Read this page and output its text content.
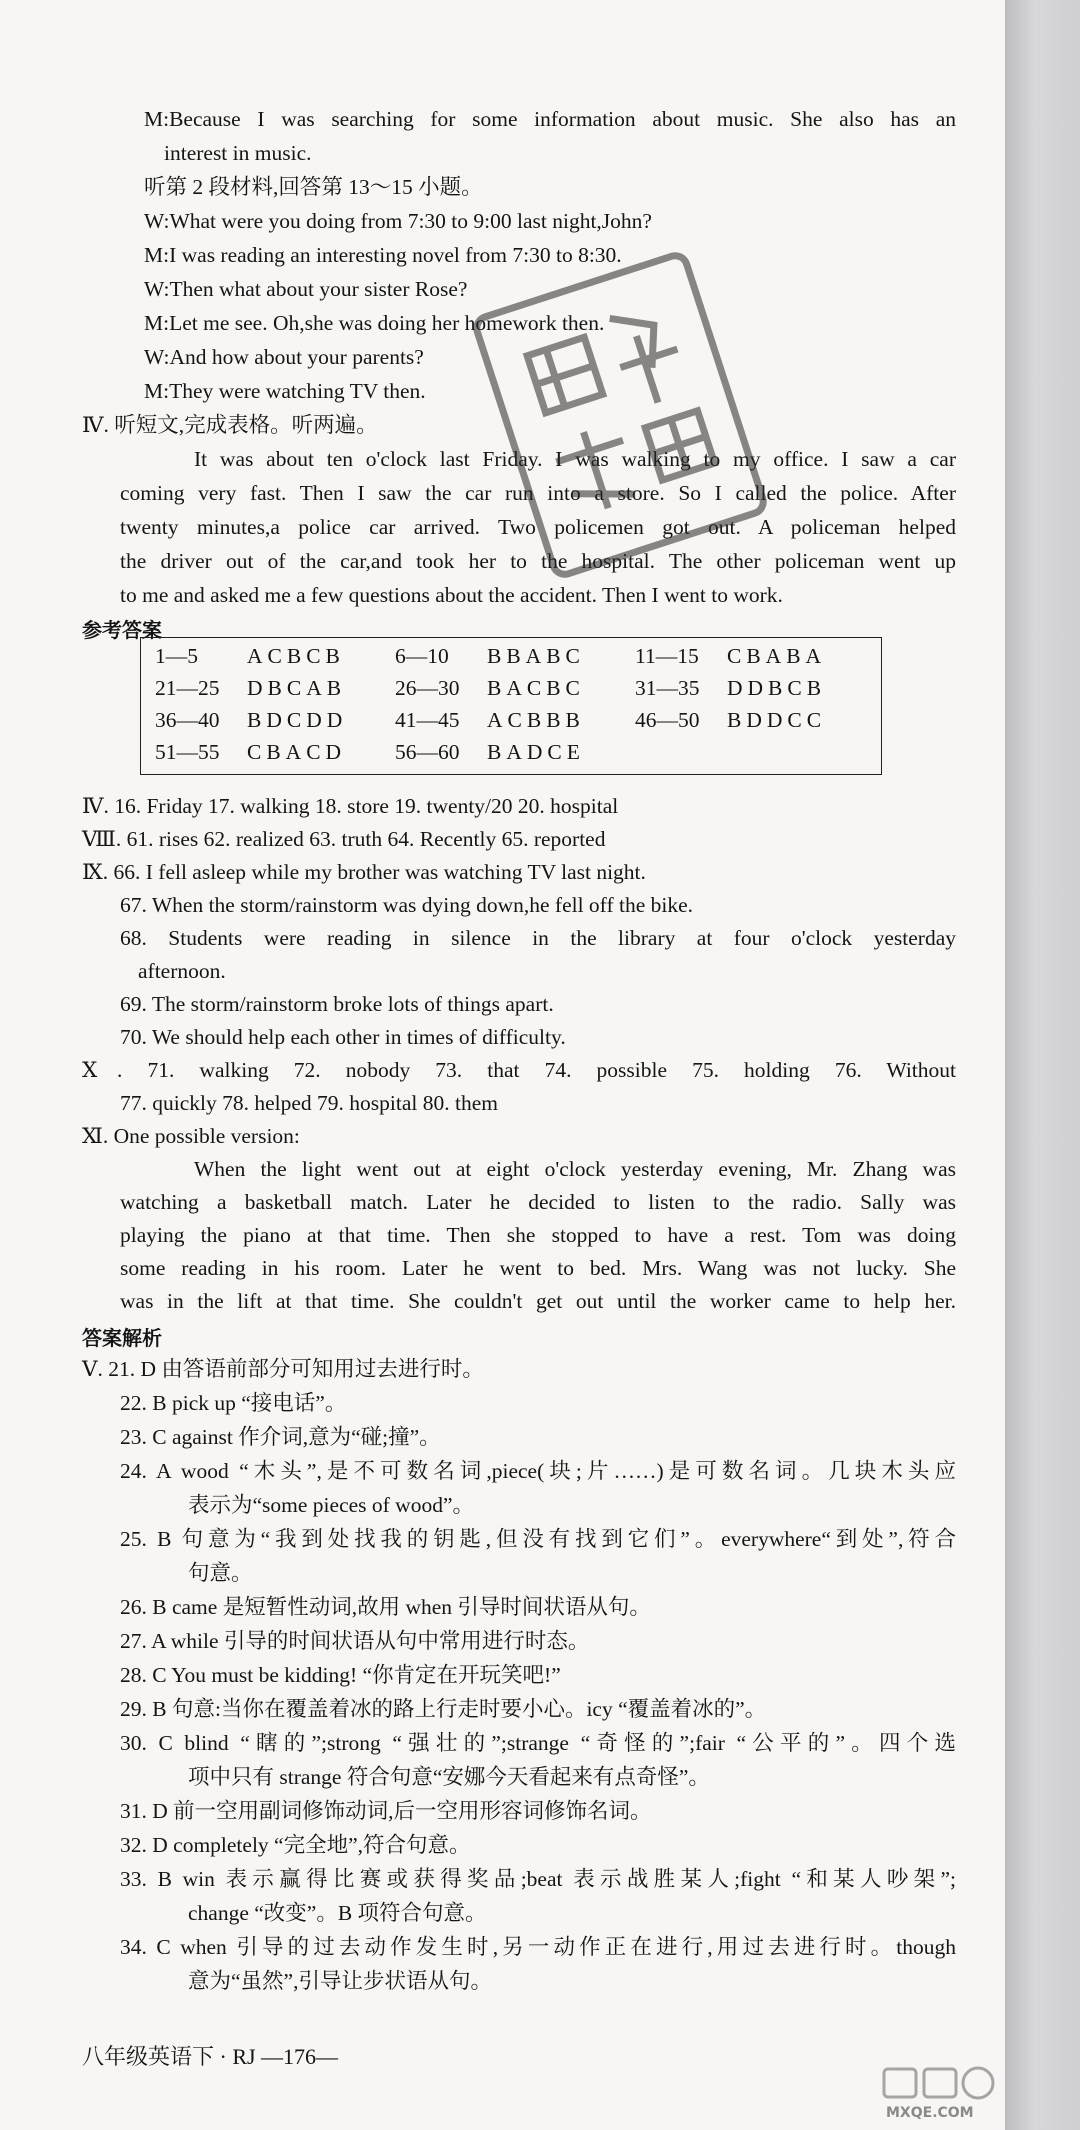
M:Because I was searching for some information about music. She also has an
interest in music.
听第 2 段材料,回答第 13～15 小题。
W:What were you doing from 7:30 to 9:00 last night,John?
M:I was reading an interesting novel from 7:30 to 8:30.
W:Then what about your sister Rose?
M:Let me see. Oh,she was doing her homework then.
W:And how about your parents?
M:They were watching TV then.
Ⅳ. 听短文,完成表格。听两遍。
It was about ten o'clock last Friday. I was walking to my office. I saw a car
coming very fast. Then I saw the car run into a store. So I called the police. After
twenty minutes,a police car arrived. Two policemen got out. A policeman helped
the driver out of the car,and took her to the hospital. The other policeman went up
to me and asked me a few questions about the accident. Then I went to work.
参考答案
1—5 ACBCB 6—10 BBABC 11—15 CBABA
21—25 DBCAB 26—30 BACBC 31—35 DDBCB
36—40 BDCDD 41—45 ACBBB 46—50 BDDCC
51—55 CBACD 56—60 BADCE
Ⅳ. 16. Friday 17. walking 18. store 19. twenty/20 20. hospital
Ⅷ. 61. rises 62. realized 63. truth 64. Recently 65. reported
Ⅸ. 66. I fell asleep while my brother was watching TV last night.
67. When the storm/rainstorm was dying down,he fell off the bike.
68. Students were reading in silence in the library at four o'clock yesterday
afternoon.
69. The storm/rainstorm broke lots of things apart.
70. We should help each other in times of difficulty.
Ⅹ. 71. walking 72. nobody 73. that 74. possible 75. holding 76. Without
77. quickly 78. helped 79. hospital 80. them
Ⅺ. One possible version:
When the light went out at eight o'clock yesterday evening, Mr. Zhang was
watching a basketball match. Later he decided to listen to the radio. Sally was
playing the piano at that time. Then she stopped to have a rest. Tom was doing
some reading in his room. Later he went to bed. Mrs. Wang was not lucky. She
was in the lift at that time. She couldn't get out until the worker came to help her.
答案解析
Ⅴ. 21. D 由答语前部分可知用过去进行时。
22. B pick up “接电话”。
23. C against 作介词,意为“碰;撞”。
24. A wood “木头”,是不可数名词,piece(块;片……)是可数名词。几块木头应
表示为“some pieces of wood”。
25. B 句意为“我到处找我的钥匙,但没有找到它们”。everywhere“到处”,符合
句意。
26. B came 是短暂性动词,故用 when 引导时间状语从句。
27. A while 引导的时间状语从句中常用进行时态。
28. C You must be kidding! “你肯定在开玩笑吧!”
29. B 句意:当你在覆盖着冰的路上行走时要小心。icy “覆盖着冰的”。
30. C blind “瞎的”;strong “强壮的”;strange “奇怪的”;fair “公平的”。四个选
项中只有 strange 符合句意“安娜今天看起来有点奇怪”。
31. D 前一空用副词修饰动词,后一空用形容词修饰名词。
32. D completely “完全地”,符合句意。
33. B win 表示赢得比赛或获得奖品;beat 表示战胜某人;fight “和某人吵架”;
change “改变”。B 项符合句意。
34. C when 引导的过去动作发生时,另一动作正在进行,用过去进行时。though
意为“虽然”,引导让步状语从句。
八年级英语下 · RJ —176—
MXQE.COM
